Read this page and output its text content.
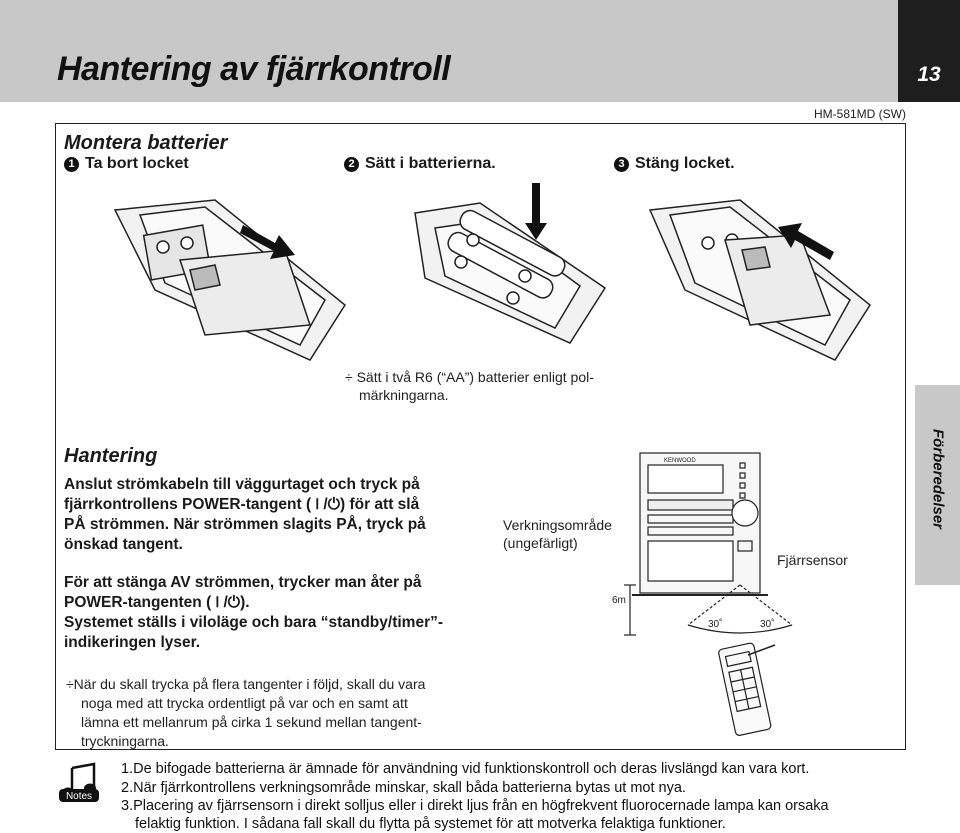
Hantering av fjärrkontroll	13
HM-581MD (SW)
Montera batterier
1 Ta bort locket	2 Sätt i batterierna.	3 Stäng locket.
÷ Sätt i två R6 (“AA”) batterier enligt pol-
märkningarna.
Hantering
Anslut strömkabeln till väggurtaget och tryck på
fjärrkontrollens POWER-tangent (⏽/⏻) för att slå
PÅ strömmen. När strömmen slagits PÅ, tryck på
önskad tangent.
För att stänga AV strömmen, trycker man åter på
POWER-tangenten (⏽/⏻).
Systemet ställs i viloläge och bara “standby/timer”-
indikeringen lyser.
÷När du skall trycka på flera tangenter i följd, skall du vara
noga med att trycka ordentligt på var och en samt att
lämna ett mellanrum på cirka 1 sekund mellan tangent-
tryckningarna.
Verkningsområde
(ungefärligt)
Fjärrsensor
KENWOOD
6m
30˚	30˚
Förberedelser
Notes
1.De bifogade batterierna är ämnade för användning vid funktionskontroll och deras livslängd kan vara kort.
2.När fjärrkontrollens verkningsområde minskar, skall båda batterierna bytas ut mot nya.
3.Placering av fjärrsensorn i direkt solljus eller i direkt ljus från en högfrekvent fluorocernade lampa kan orsaka
felaktig funktion. I sådana fall skall du flytta på systemet för att motverka felaktiga funktioner.
